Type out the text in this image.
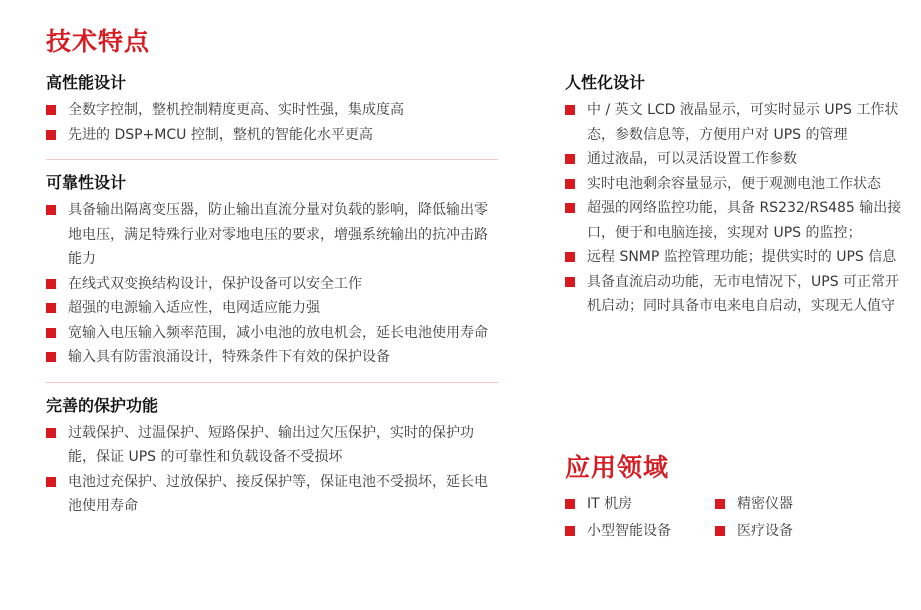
技术特点
高性能设计
全数字控制，整机控制精度更高、实时性强，集成度高
先进的 DSP+MCU 控制，整机的智能化水平更高
可靠性设计
具备输出隔离变压器，防止输出直流分量对负载的影响，降低输出零地电压，满足特殊行业对零地电压的要求，增强系统输出的抗冲击路能力
在线式双变换结构设计，保护设备可以安全工作
超强的电源输入适应性，电网适应能力强
宽输入电压输入频率范围，减小电池的放电机会，延长电池使用寿命
输入具有防雷浪涌设计，特殊条件下有效的保护设备
完善的保护功能
过载保护、过温保护、短路保护、输出过欠压保护，实时的保护功能，保证 UPS 的可靠性和负载设备不受损坏
电池过充保护、过放保护、接反保护等，保证电池不受损坏，延长电池使用寿命
人性化设计
中 / 英文 LCD 液晶显示，可实时显示 UPS 工作状态，参数信息等，方便用户对 UPS 的管理
通过液晶，可以灵活设置工作参数
实时电池剩余容量显示，便于观测电池工作状态
超强的网络监控功能，具备 RS232/RS485 输出接口，便于和电脑连接，实现对 UPS 的监控；
远程 SNMP 监控管理功能；提供实时的 UPS 信息
具备直流启动功能，无市电情况下，UPS 可正常开机启动；同时具备市电来电自启动，实现无人值守
应用领域
IT 机房	精密仪器
小型智能设备	医疗设备
